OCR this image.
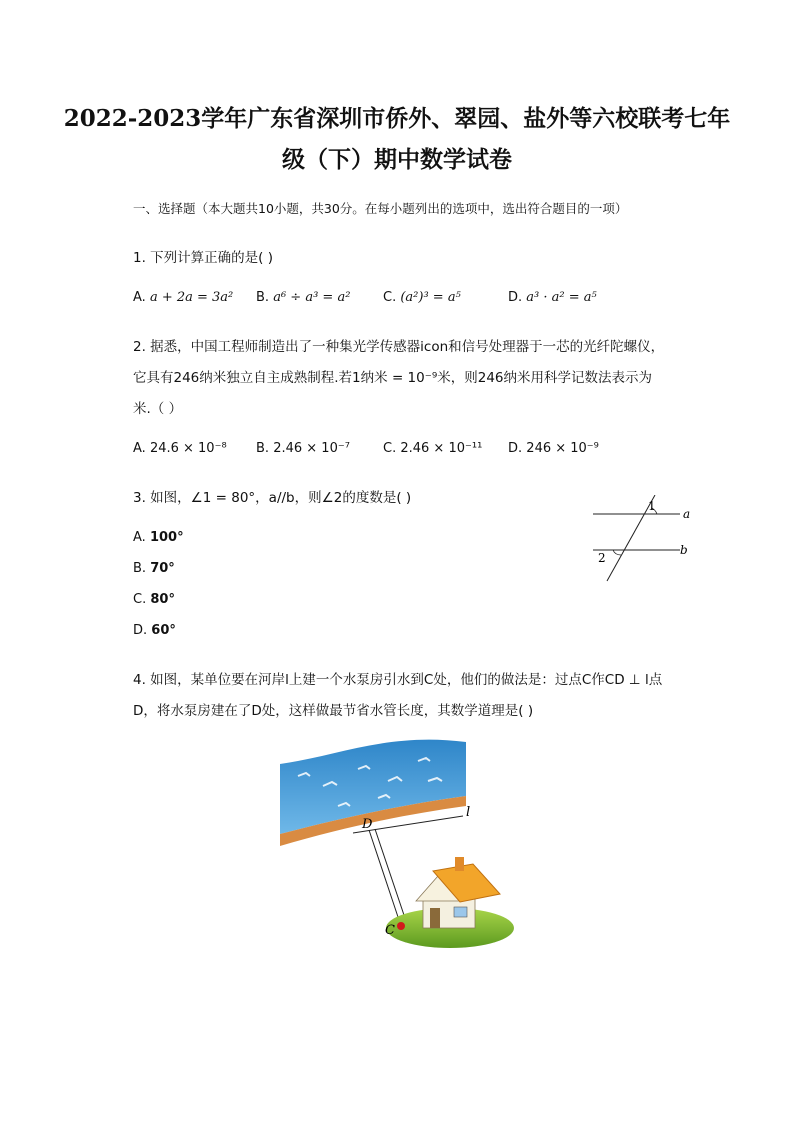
2022-2023学年广东省深圳市侨外、翠园、盐外等六校联考七年
级（下）期中数学试卷
一、选择题（本大题共10小题，共30分。在每小题列出的选项中，选出符合题目的一项）
1. 下列计算正确的是( )
A. a + 2a = 3a² B. a⁶ ÷ a³ = a²	C. (a²)³ = a⁵	D. a³ · a² = a⁵
2. 据悉，中国工程师制造出了一种集光学传感器icon和信号处理器于一芯的光纤陀螺仪，
它具有246纳米独立自主成熟制程.若1纳米 = 10⁻⁹米，则246纳米用科学记数法表示为
米.（ ）
A. 24.6 × 10⁻⁸ B. 2.46 × 10⁻⁷	C. 2.46 × 10⁻¹¹ D. 246 × 10⁻⁹
3. 如图，∠1 = 80°，a//b，则∠2的度数是( )
A. 100°
B. 70°
C. 80°
D. 60°
1
2
a
b
4. 如图，某单位要在河岸l上建一个水泵房引水到C处，他们的做法是：过点C作CD ⊥ l点
D，将水泵房建在了D处，这样做最节省水管长度，其数学道理是( )
l
D
C
